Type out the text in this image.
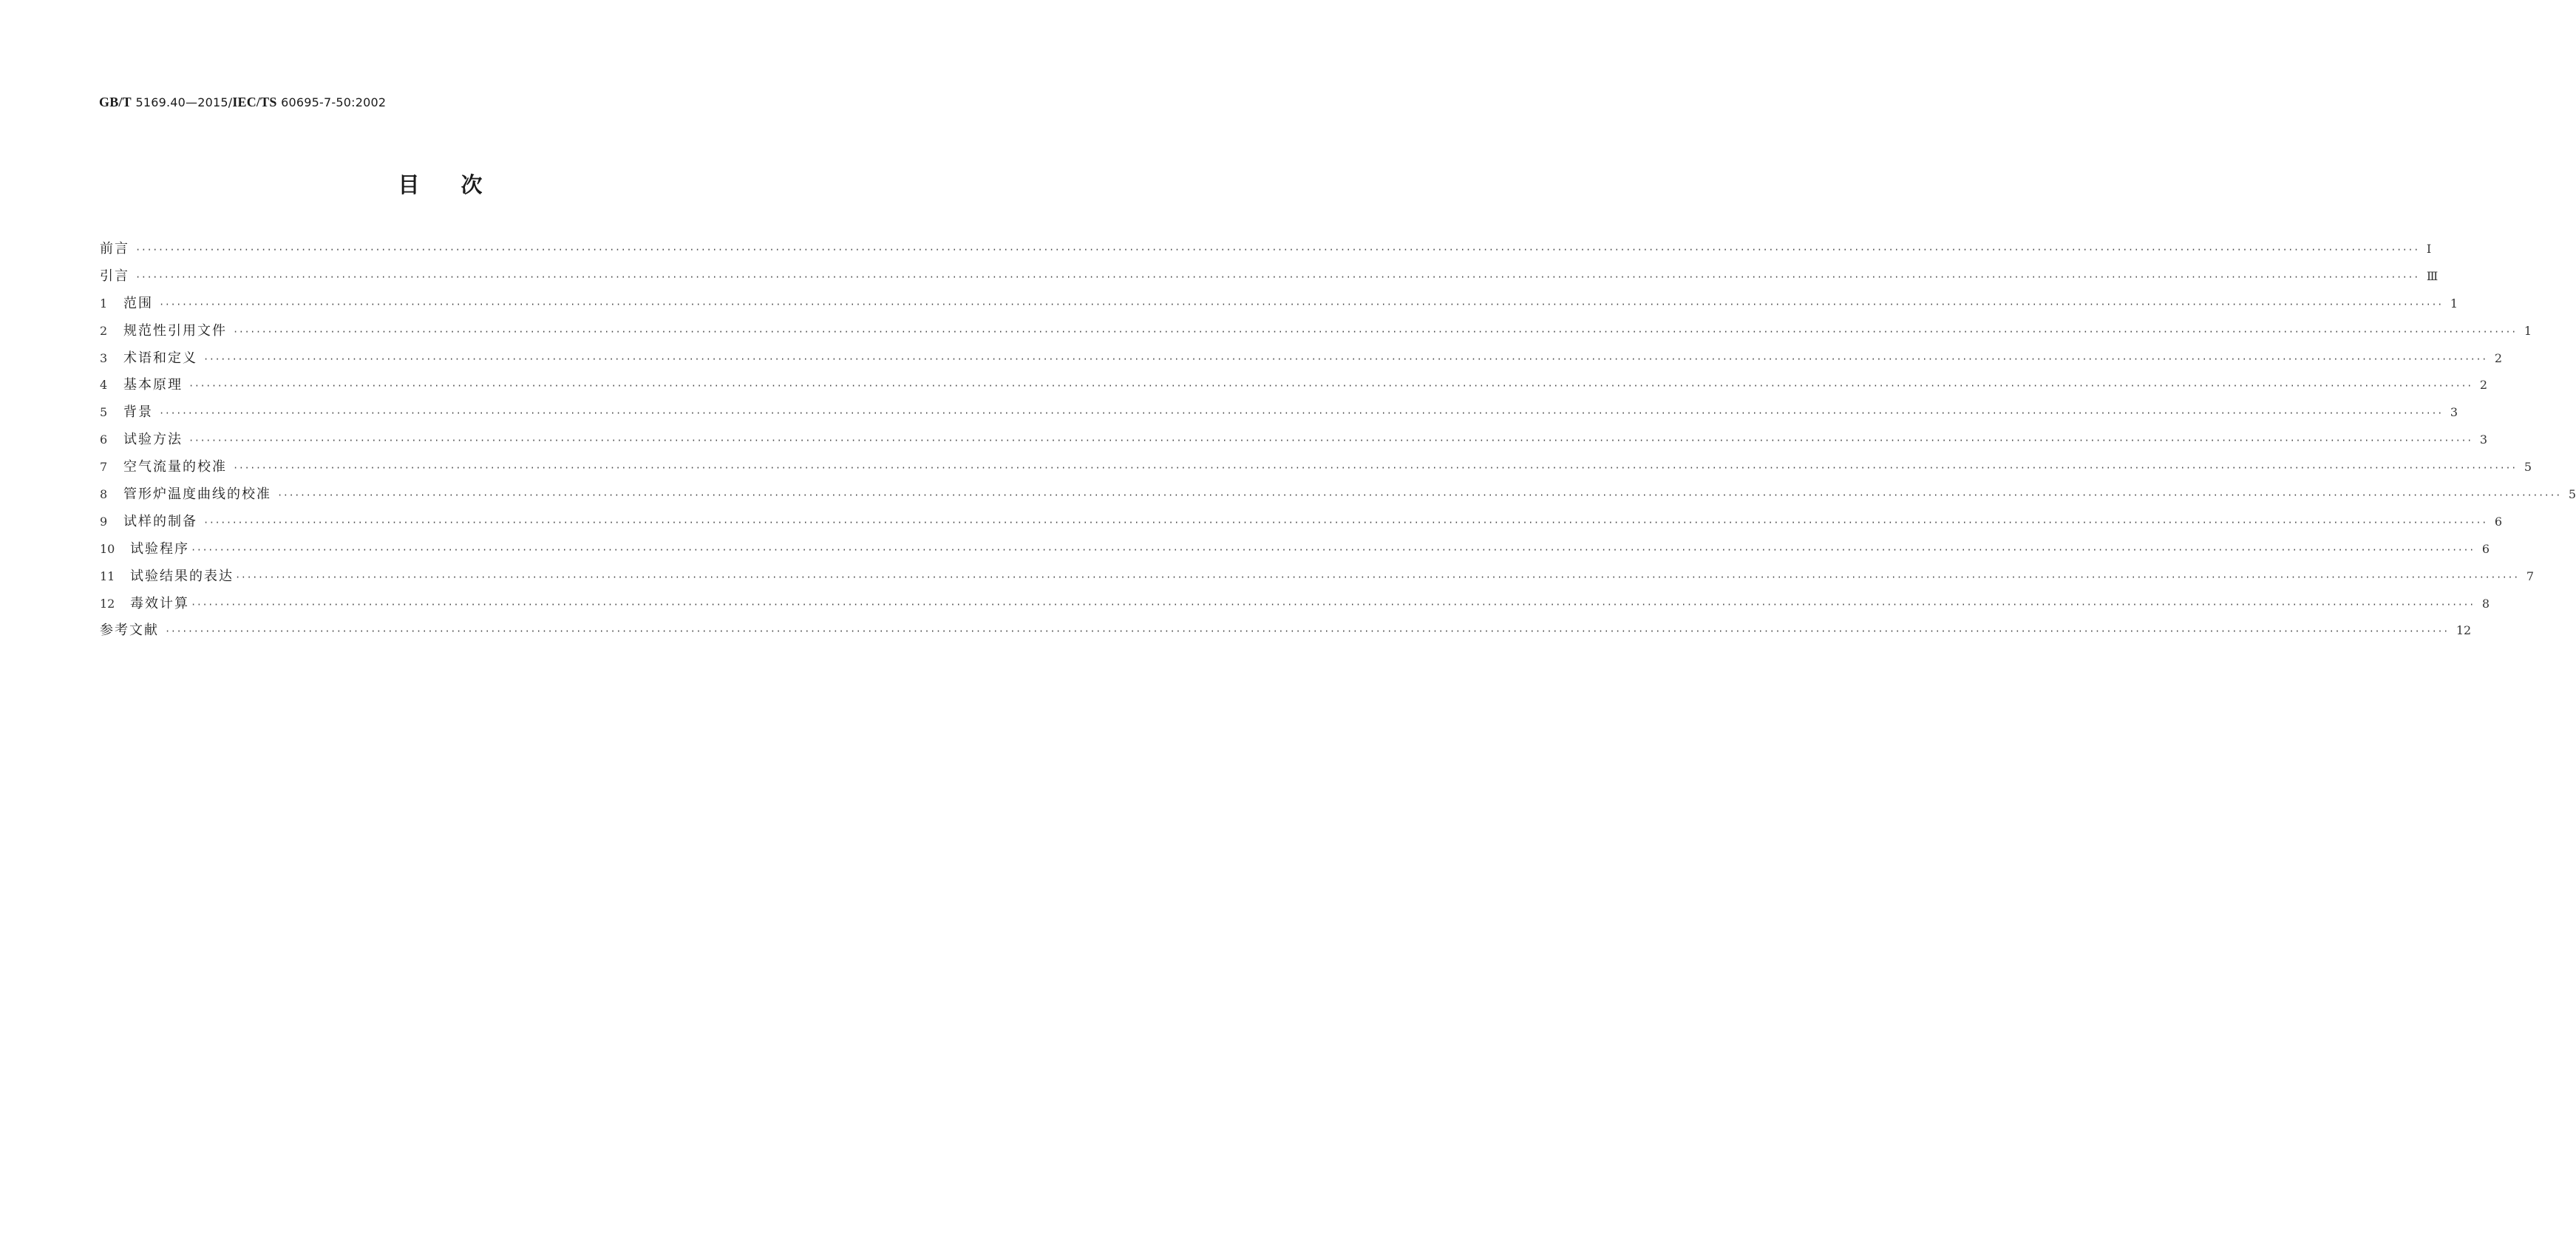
GB/T 5169.40—2015/IEC/TS 60695-7-50:2002
目次
前言 ················································································································································································································································································································································································································ Ⅰ
引言 ················································································································································································································································································································································································································ Ⅲ
1 范围 ················································································································································································································································································································································································································ 1
2 规范性引用文件 ················································································································································································································································································································································································································ 1
3 术语和定义 ················································································································································································································································································································································································································ 2
4 基本原理 ················································································································································································································································································································································································································ 2
5 背景 ················································································································································································································································································································································································································ 3
6 试验方法 ················································································································································································································································································································································································································ 3
7 空气流量的校准 ················································································································································································································································································································································································································ 5
8 管形炉温度曲线的校准 ················································································································································································································································································································································································································ 5
9 试样的制备 ················································································································································································································································································································································································································ 6
10 试验程序 ················································································································································································································································································································································································································ 6
11 试验结果的表达 ················································································································································································································································································································································································································ 7
12 毒效计算 ················································································································································································································································································································································································································ 8
参考文献 ················································································································································································································································································································································································································ 12
